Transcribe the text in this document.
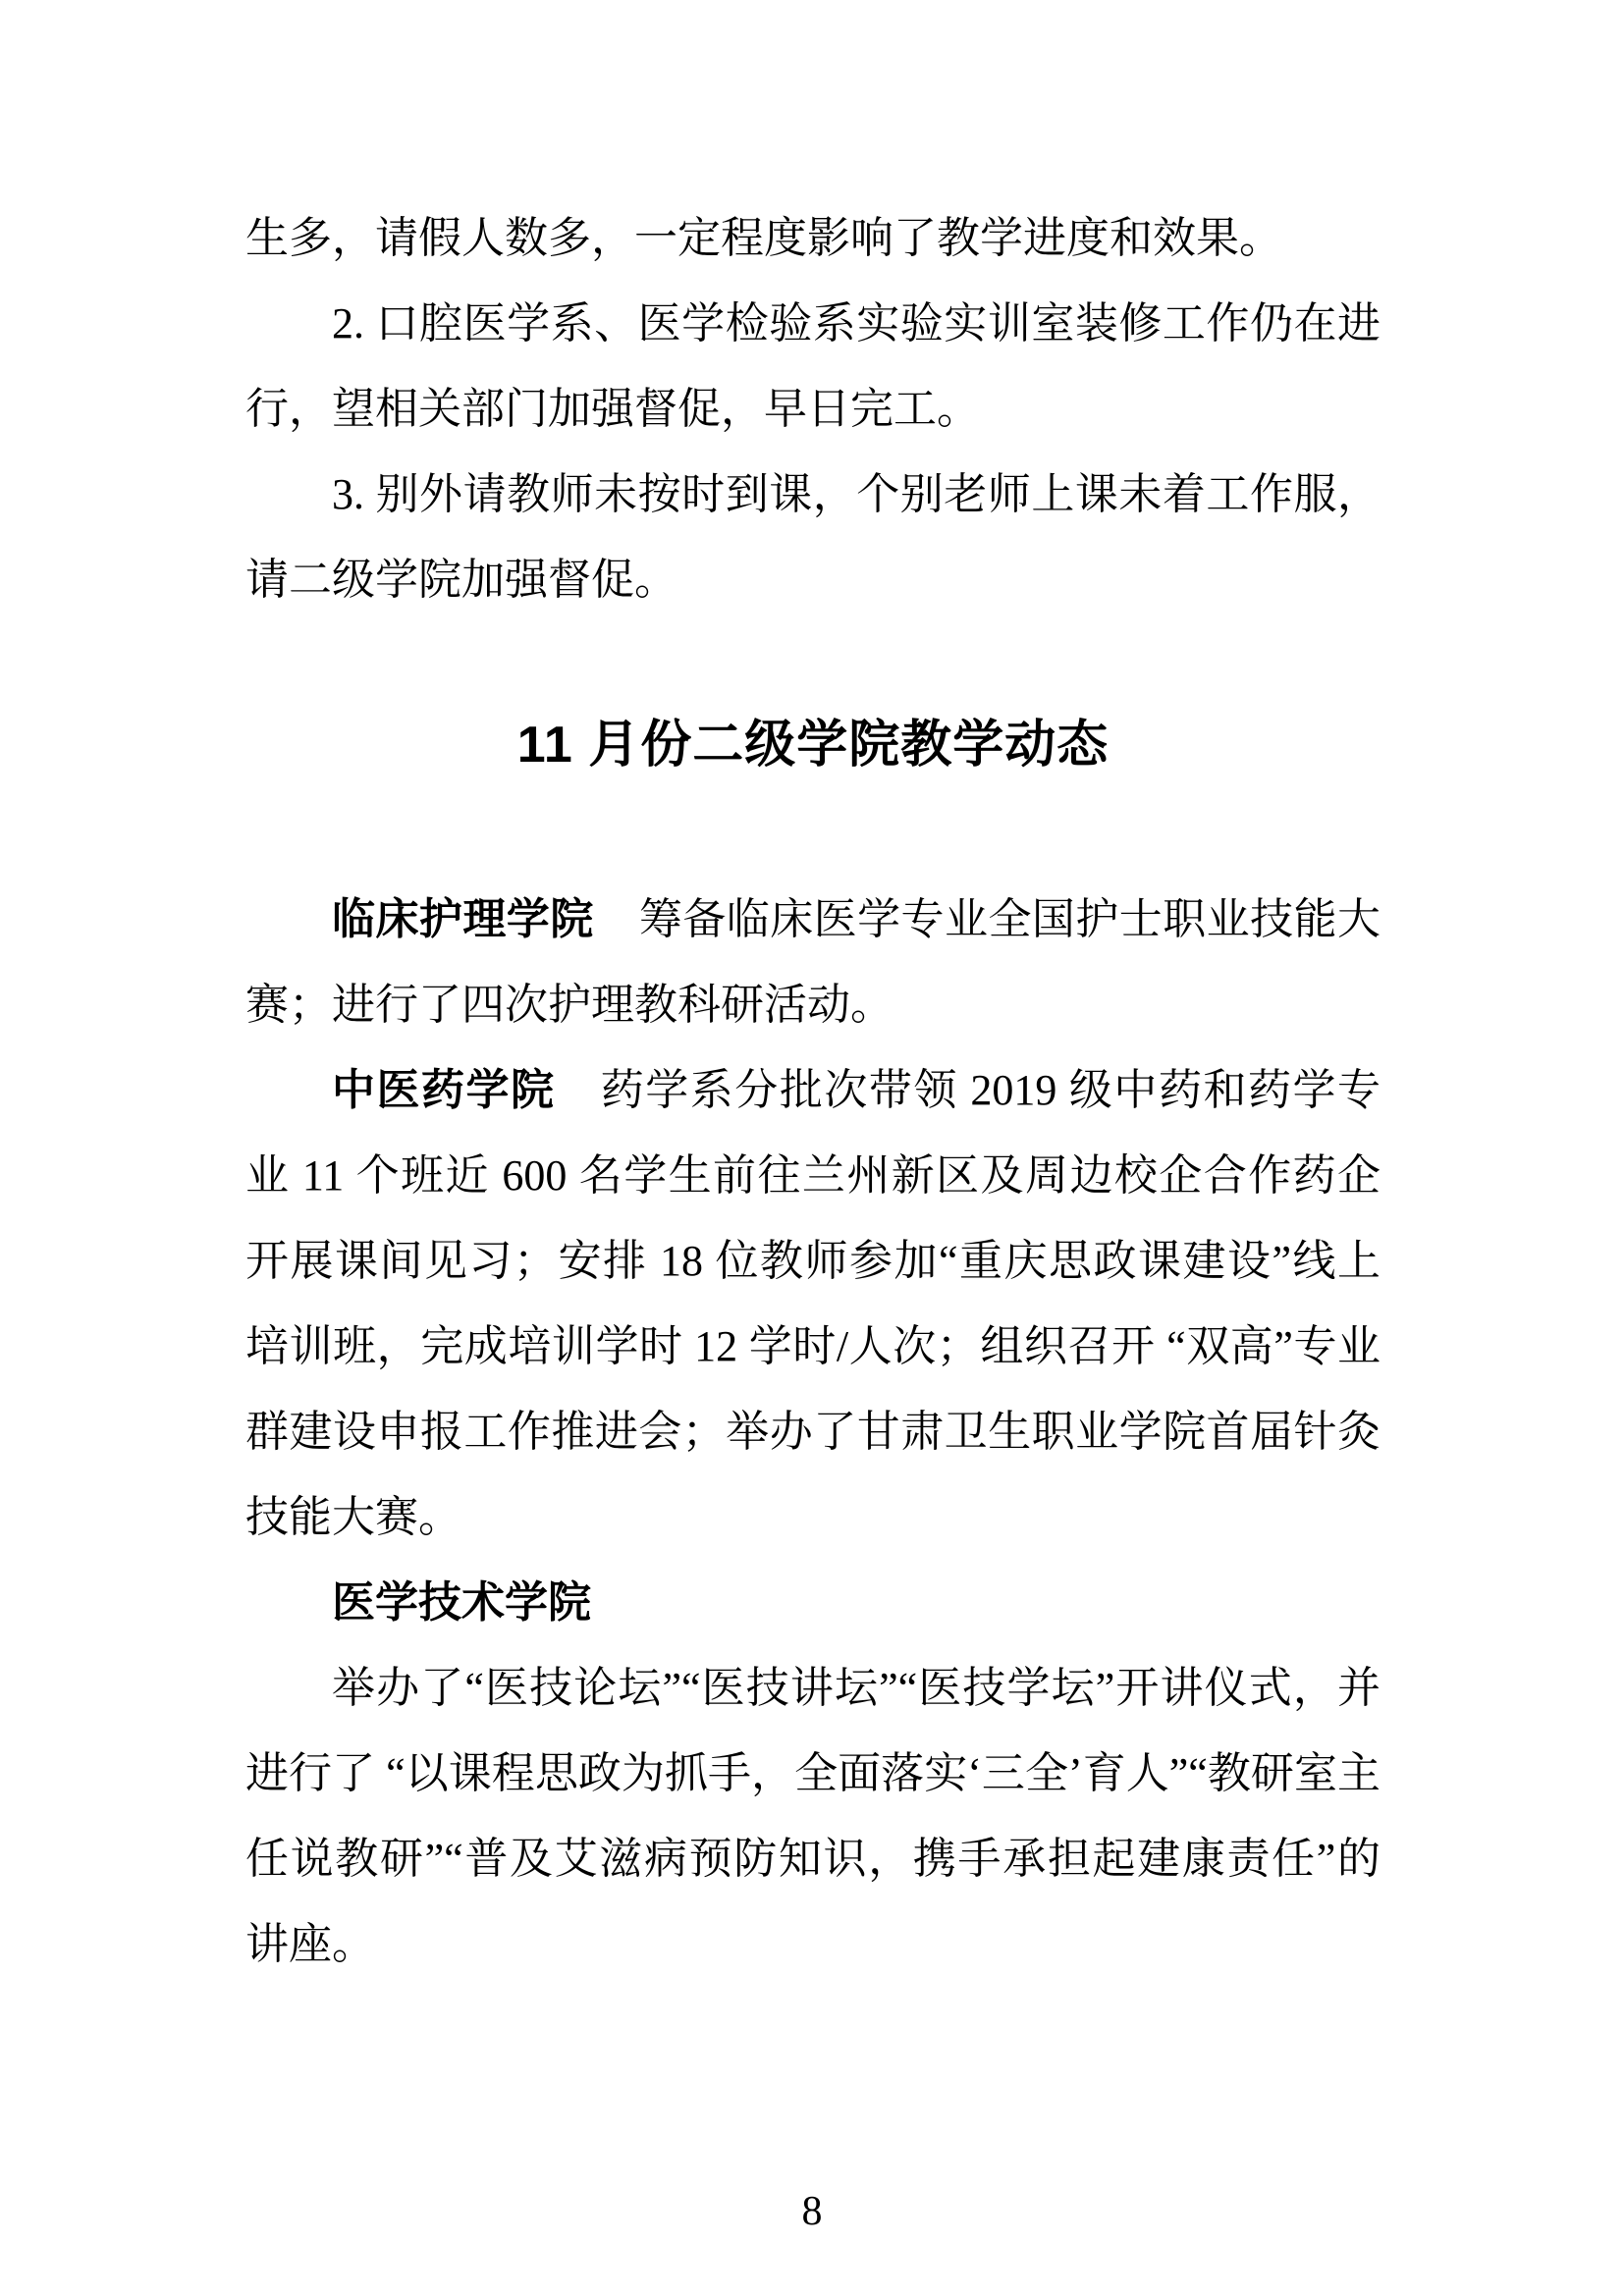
生多，请假人数多，一定程度影响了教学进度和效果。

2. 口腔医学系、医学检验系实验实训室装修工作仍在进行，望相关部门加强督促，早日完工。

3. 别外请教师未按时到课，个别老师上课未着工作服，请二级学院加强督促。

11 月份二级学院教学动态

临床护理学院 筹备临床医学专业全国护士职业技能大赛；进行了四次护理教科研活动。

中医药学院 药学系分批次带领 2019 级中药和药学专业 11 个班近 600 名学生前往兰州新区及周边校企合作药企开展课间见习；安排 18 位教师参加“重庆思政课建设”线上培训班，完成培训学时 12 学时/人次；组织召开 “双高”专业群建设申报工作推进会；举办了甘肃卫生职业学院首届针灸技能大赛。

医学技术学院

举办了“医技论坛”“医技讲坛”“医技学坛”开讲仪式，并进行了 “以课程思政为抓手，全面落实‘三全’育人”“教研室主任说教研”“普及艾滋病预防知识，携手承担起建康责任”的讲座。

8
